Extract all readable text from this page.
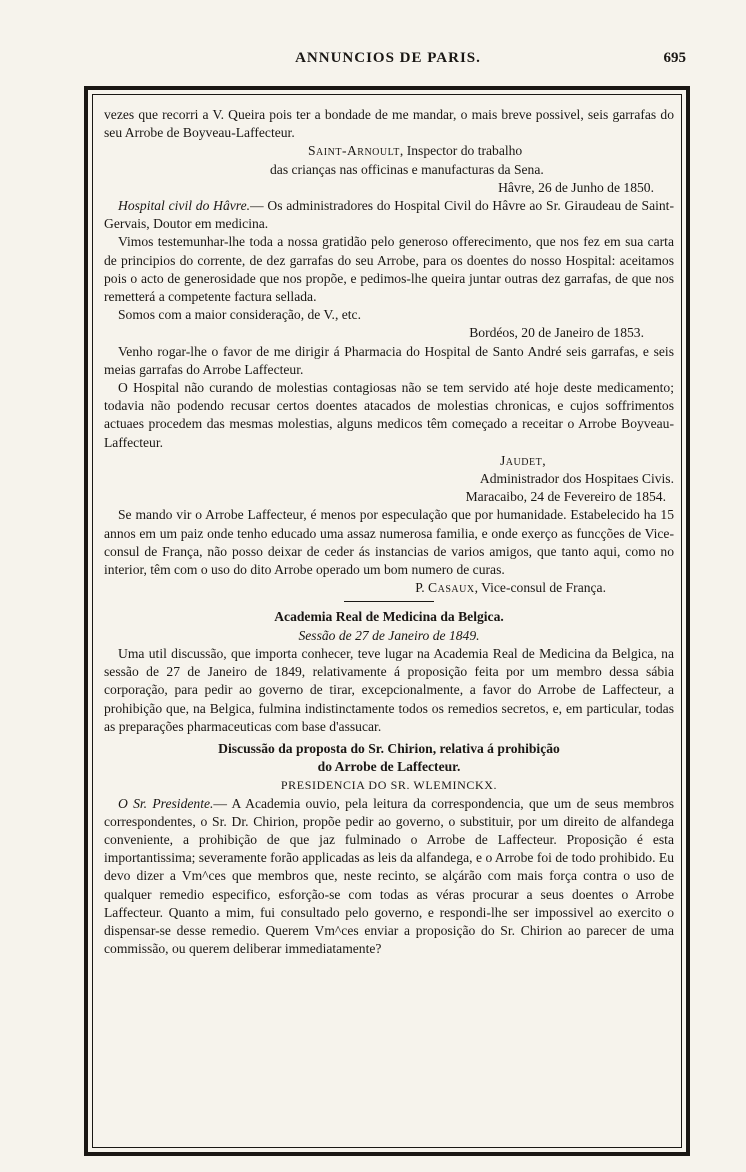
ANNUNCIOS DE PARIS.	695

vezes que recorri a V. Queira pois ter a bondade de me mandar, o mais breve possivel, seis garrafas do seu Arrobe de Boyveau-Laffecteur.

Saint-Arnoult, Inspector do trabalho

das crianças nas officinas e manufacturas da Sena.

Hâvre, 26 de Junho de 1850.

Hospital civil do Hâvre.— Os administradores do Hospital Civil do Hâvre ao Sr. Giraudeau de Saint-Gervais, Doutor em medicina.

Vimos testemunhar-lhe toda a nossa gratidão pelo generoso offerecimento, que nos fez em sua carta de principios do corrente, de dez garrafas do seu Arrobe, para os doentes do nosso Hospital: aceitamos pois o acto de generosidade que nos propõe, e pedimos-lhe queira juntar outras dez garrafas, de que nos remetterá a competente factura sellada.

Somos com a maior consideração, de V., etc.

Bordéos, 20 de Janeiro de 1853.

Venho rogar-lhe o favor de me dirigir á Pharmacia do Hospital de Santo André seis garrafas, e seis meias garrafas do Arrobe Laffecteur.

O Hospital não curando de molestias contagiosas não se tem servido até hoje deste medicamento; todavia não podendo recusar certos doentes atacados de molestias chronicas, e cujos soffrimentos actuaes procedem das mesmas molestias, alguns medicos têm começado a receitar o Arrobe Boyveau-Laffecteur.

Jaudet,

Administrador dos Hospitaes Civis.

Maracaibo, 24 de Fevereiro de 1854.

Se mando vir o Arrobe Laffecteur, é menos por especulação que por humanidade. Estabelecido ha 15 annos em um paiz onde tenho educado uma assaz numerosa familia, e onde exerço as funcções de Vice-consul de França, não posso deixar de ceder ás instancias de varios amigos, que tanto aqui, como no interior, têm com o uso do dito Arrobe operado um bom numero de curas.

P. Casaux, Vice-consul de França.

Academia Real de Medicina da Belgica.

Sessão de 27 de Janeiro de 1849.

Uma util discussão, que importa conhecer, teve lugar na Academia Real de Medicina da Belgica, na sessão de 27 de Janeiro de 1849, relativamente á proposição feita por um membro dessa sábia corporação, para pedir ao governo de tirar, excepcionalmente, a favor do Arrobe de Laffecteur, a prohibição que, na Belgica, fulmina indistinctamente todos os remedios secretos, e, em particular, todas as preparações pharmaceuticas com base d'assucar.

Discussão da proposta do Sr. Chirion, relativa á prohibição

do Arrobe de Laffecteur.

PRESIDENCIA DO SR. WLEMINCKX.

O Sr. Presidente.— A Academia ouvio, pela leitura da correspondencia, que um de seus membros correspondentes, o Sr. Dr. Chirion, propõe pedir ao governo, o substituir, por um direito de alfandega conveniente, a prohibição de que jaz fulminado o Arrobe de Laffecteur. Proposição é esta importantissima; severamente forão applicadas as leis da alfandega, e o Arrobe foi de todo prohibido. Eu devo dizer a Vm^ces que membros que, neste recinto, se alçárão com mais força contra o uso de qualquer remedio especifico, esforção-se com todas as véras procurar a seus doentes o Arrobe Laffecteur. Quanto a mim, fui consultado pelo governo, e respondi-lhe ser impossivel ao exercito o dispensar-se desse remedio. Querem Vm^ces enviar a proposição do Sr. Chirion ao parecer de uma commissão, ou querem deliberar immediatamente?
